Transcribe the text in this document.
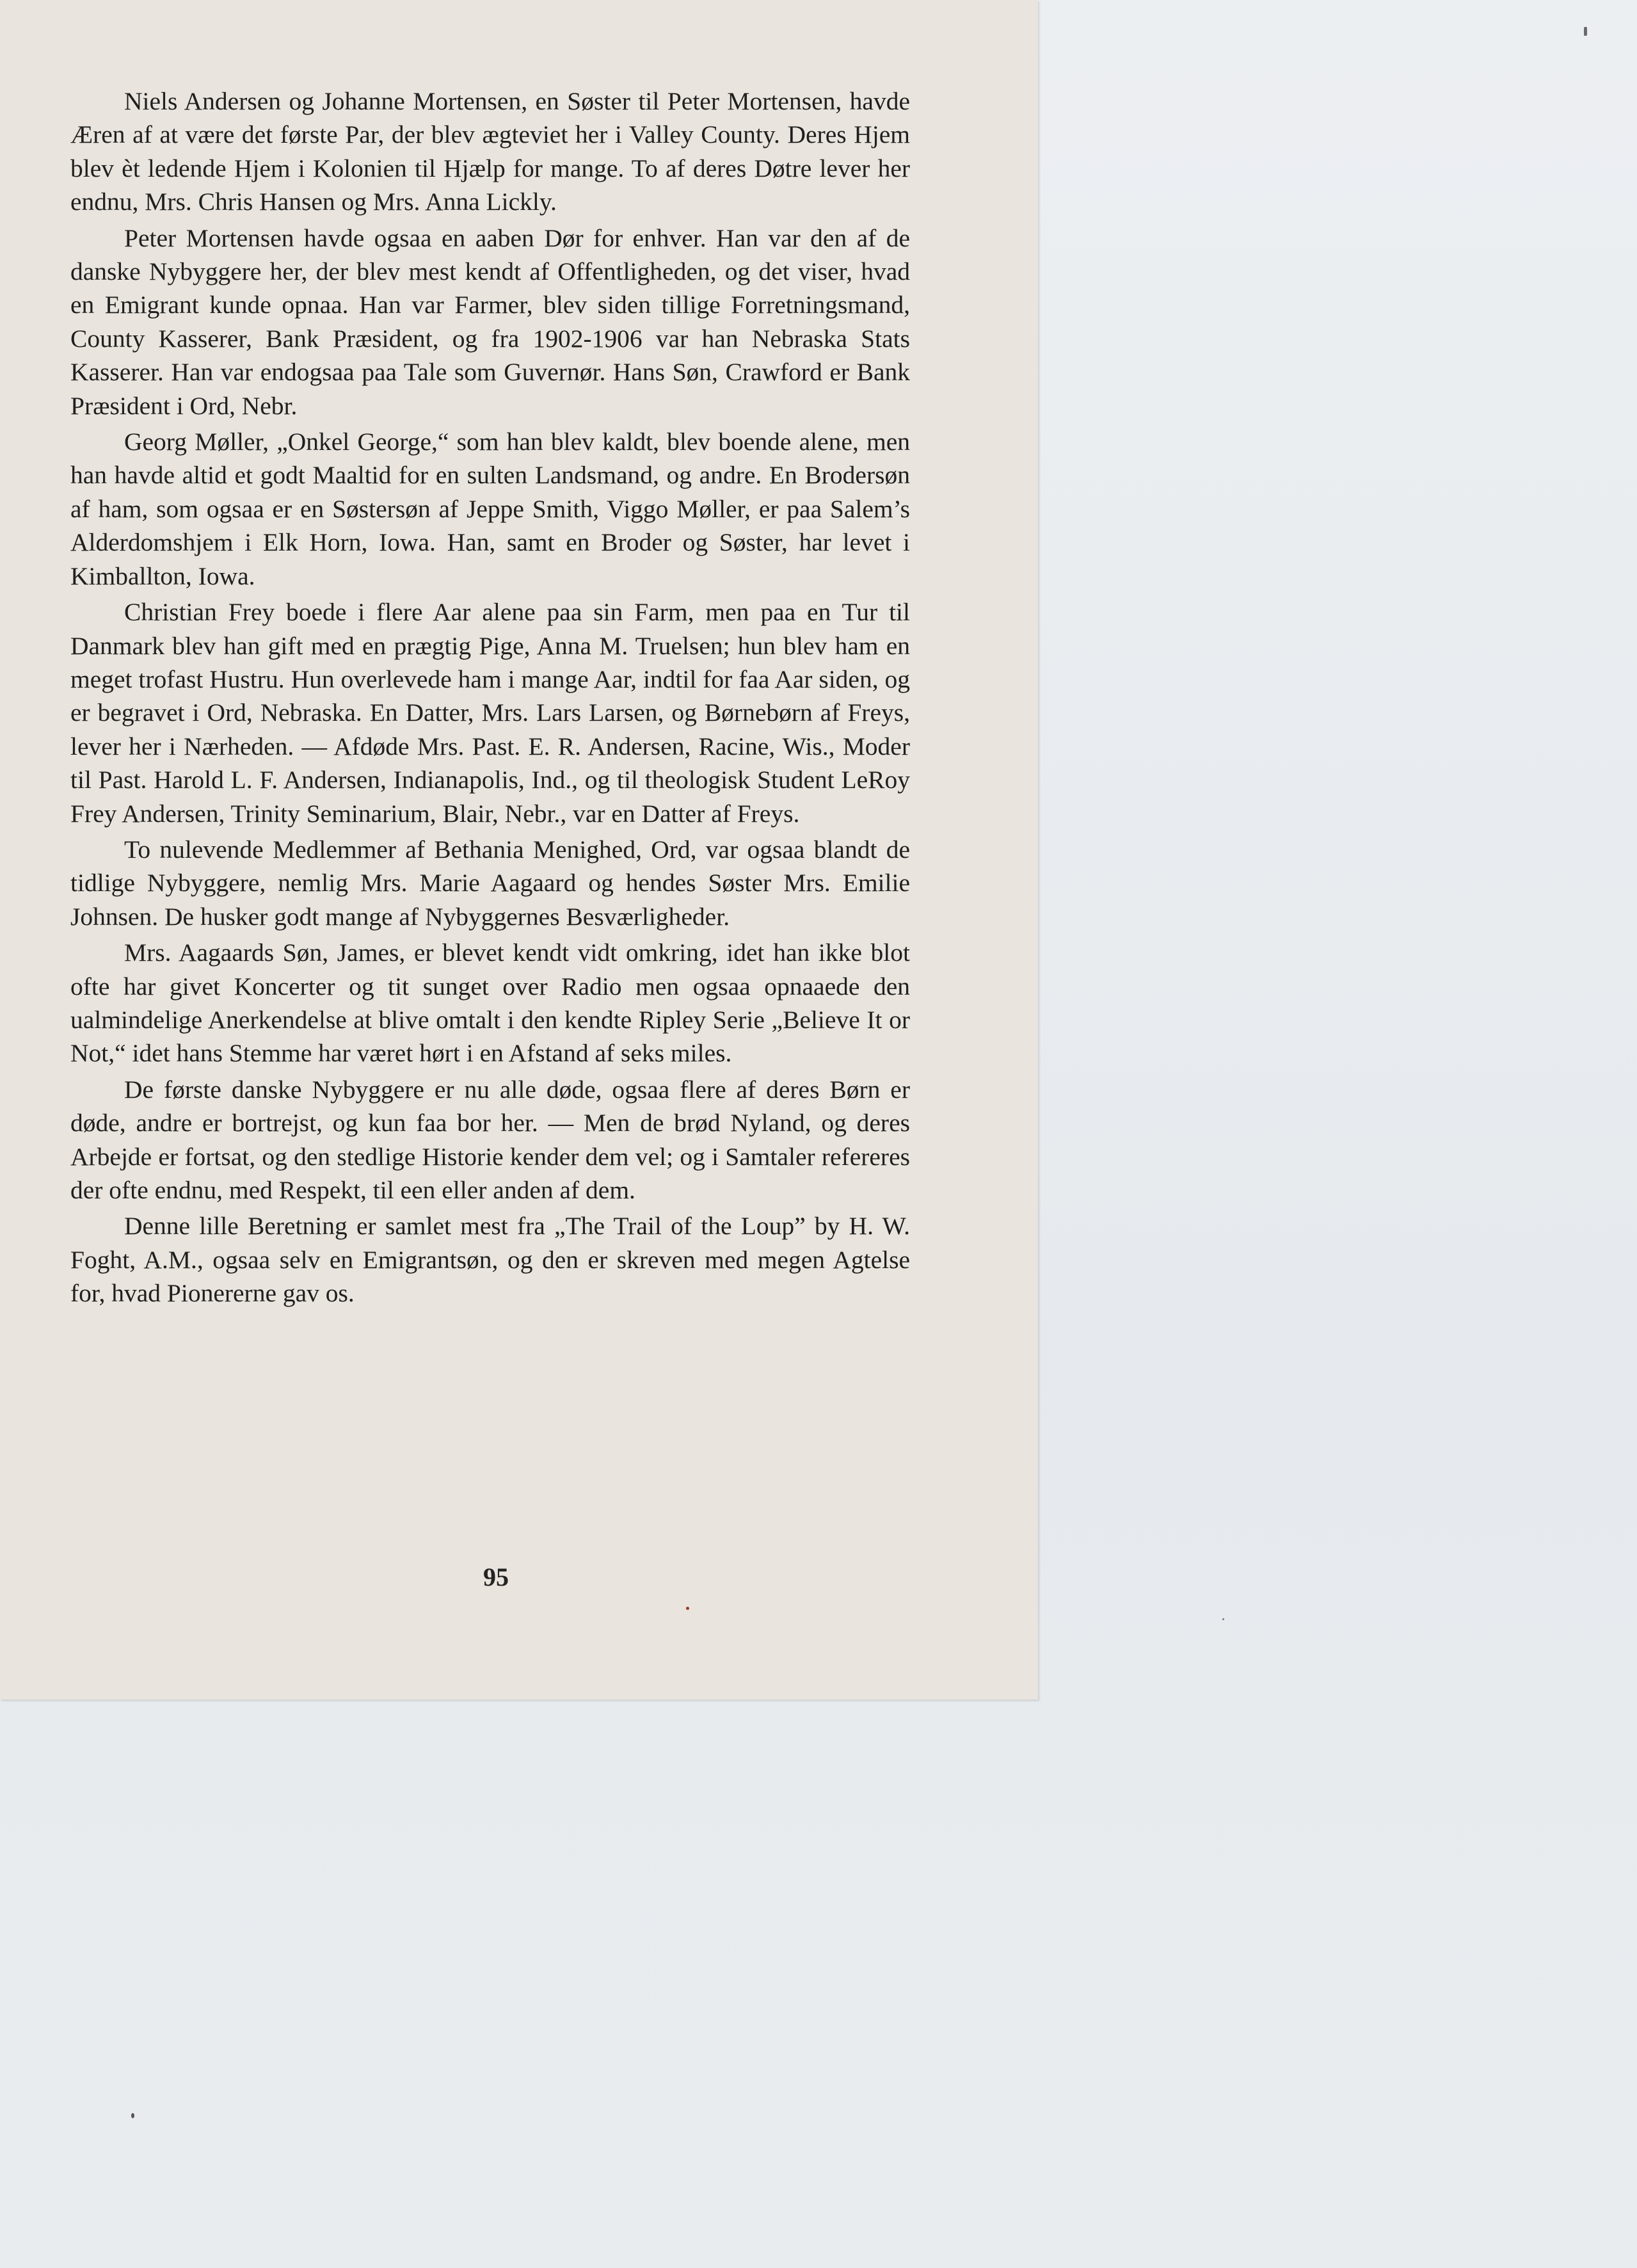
Niels Andersen og Johanne Mortensen, en Søster til Peter Mortensen, havde Æren af at være det første Par, der blev ægteviet her i Valley County. Deres Hjem blev èt ledende Hjem i Kolonien til Hjælp for mange. To af deres Døtre lever her endnu, Mrs. Chris Hansen og Mrs. Anna Lickly.

Peter Mortensen havde ogsaa en aaben Dør for enhver. Han var den af de danske Nybyggere her, der blev mest kendt af Offentligheden, og det viser, hvad en Emigrant kunde opnaa. Han var Farmer, blev siden tillige Forretningsmand, County Kasserer, Bank Præsident, og fra 1902-1906 var han Nebraska Stats Kasserer. Han var endogsaa paa Tale som Guvernør. Hans Søn, Crawford er Bank Præsident i Ord, Nebr.

Georg Møller, „Onkel George,“ som han blev kaldt, blev boende alene, men han havde altid et godt Maaltid for en sulten Landsmand, og andre. En Brodersøn af ham, som ogsaa er en Søstersøn af Jeppe Smith, Viggo Møller, er paa Salem’s Alderdomshjem i Elk Horn, Iowa. Han, samt en Broder og Søster, har levet i Kimballton, Iowa.

Christian Frey boede i flere Aar alene paa sin Farm, men paa en Tur til Danmark blev han gift med en prægtig Pige, Anna M. Truelsen; hun blev ham en meget trofast Hustru. Hun overlevede ham i mange Aar, indtil for faa Aar siden, og er begravet i Ord, Nebraska. En Datter, Mrs. Lars Larsen, og Børnebørn af Freys, lever her i Nærheden. — Afdøde Mrs. Past. E. R. Andersen, Racine, Wis., Moder til Past. Harold L. F. Andersen, Indianapolis, Ind., og til theologisk Student LeRoy Frey Andersen, Trinity Seminarium, Blair, Nebr., var en Datter af Freys.

To nulevende Medlemmer af Bethania Menighed, Ord, var ogsaa blandt de tidlige Nybyggere, nemlig Mrs. Marie Aagaard og hendes Søster Mrs. Emilie Johnsen. De husker godt mange af Nybyggernes Besværligheder.

Mrs. Aagaards Søn, James, er blevet kendt vidt omkring, idet han ikke blot ofte har givet Koncerter og tit sunget over Radio men ogsaa opnaaede den ualmindelige Anerkendelse at blive omtalt i den kendte Ripley Serie „Believe It or Not,“ idet hans Stemme har været hørt i en Afstand af seks miles.

De første danske Nybyggere er nu alle døde, ogsaa flere af deres Børn er døde, andre er bortrejst, og kun faa bor her. — Men de brød Nyland, og deres Arbejde er fortsat, og den stedlige Historie kender dem vel; og i Samtaler refereres der ofte endnu, med Respekt, til een eller anden af dem.

Denne lille Beretning er samlet mest fra „The Trail of the Loup” by H. W. Foght, A.M., ogsaa selv en Emigrantsøn, og den er skreven med megen Agtelse for, hvad Pionererne gav os.

95
